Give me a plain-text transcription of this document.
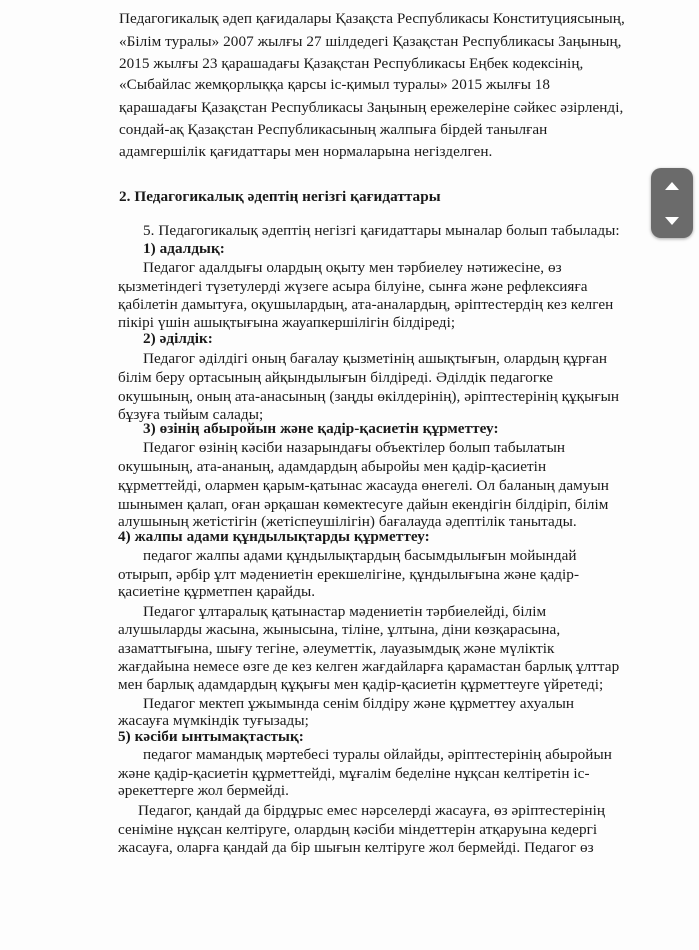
Педагогикалық әдеп қағидалары Қазақста Республикасы Конституциясының,
«Білім туралы» 2007 жылғы 27 шілдедегі Қазақстан Республикасы Заңының,
2015 жылғы 23 қарашадағы Қазақстан Республикасы Еңбек кодексінің,
«Сыбайлас жемқорлыққа қарсы іс-қимыл туралы» 2015 жылғы 18
қарашадағы Қазақстан Республикасы Заңының ережелеріне сәйкес әзірленді,
сондай-ақ Қазақстан Республикасының жалпыға бірдей танылған
адамгершілік қағидаттары мен нормаларына негізделген.
2. Педагогикалық әдептің негізгі қағидаттары
5. Педагогикалық әдептің негізгі қағидаттары мыналар болып табылады:
1) адалдық:
Педагог адалдығы олардың оқыту мен тәрбиелеу нәтижесіне, өз
қызметіндегі түзетулерді жүзеге асыра білуіне, сынға және рефлексияға
қабілетін дамытуға, оқушылардың, ата-аналардың, әріптестердің кез келген
пікірі үшін ашықтығына жауапкершілігін білдіреді;
2) әділдік:
Педагог әділдігі оның бағалау қызметінің ашықтығын, олардың құрған
білім беру ортасының айқындылығын білдіреді. Әділдік педагогке
окушының, оның ата-анасының (заңды өкілдерінің), әріптестерінің құқығын
бұзуға тыйым салады;
3) өзінің абыройын және қадір-қасиетін құрметтеу:
Педагог өзінің кәсіби назарындағы объектілер болып табылатын
окушының, ата-ананың, адамдардың абыройы мен қадір-қасиетін
құрметтейді, олармен қарым-қатынас жасауда өнегелі. Ол баланың дамуын
шынымен қалап, оған әрқашан көмектесуге дайын екендігін білдіріп, білім
алушының жетістігін (жетіспеушілігін) бағалауда әдептілік танытады.
4) жалпы адами құндылықтарды құрметтеу:
педагог жалпы адами құндылықтардың басымдылығын мойындай
отырып, әрбір ұлт мәдениетін ерекшелігіне, құндылығына және қадір-
қасиетіне құрметпен қарайды.
Педагог ұлтаралық қатынастар мәдениетін тәрбиелейді, білім
алушыларды жасына, жынысына, тіліне, ұлтына, діни көзқарасына,
азаматтығына, шығу тегіне, әлеуметтік, лауазымдық және мүліктік
жағдайына немесе өзге де кез келген жағдайларға қарамастан барлық ұлттар
мен барлық адамдардың құқығы мен қадір-қасиетін құрметтеуге үйретеді;
Педагог мектеп ұжымында сенім білдіру және құрметтеу ахуалын
жасауға мүмкіндік туғызады;
5) кәсіби ынтымақтастық:
педагог мамандық мәртебесі туралы ойлайды, әріптестерінің абыройын
және қадір-қасиетін құрметтейді, мұғалім беделіне нұқсан келтіретін іс-
әрекеттерге жол бермейді.
Педагог, қандай да бірдұрыс емес нәрселерді жасауға, өз әріптестерінің
сеніміне нұқсан келтіруге, олардың кәсіби міндеттерін атқаруына кедергі
жасауға, оларға қандай да бір шығын келтіруге жол бермейді. Педагог өз
